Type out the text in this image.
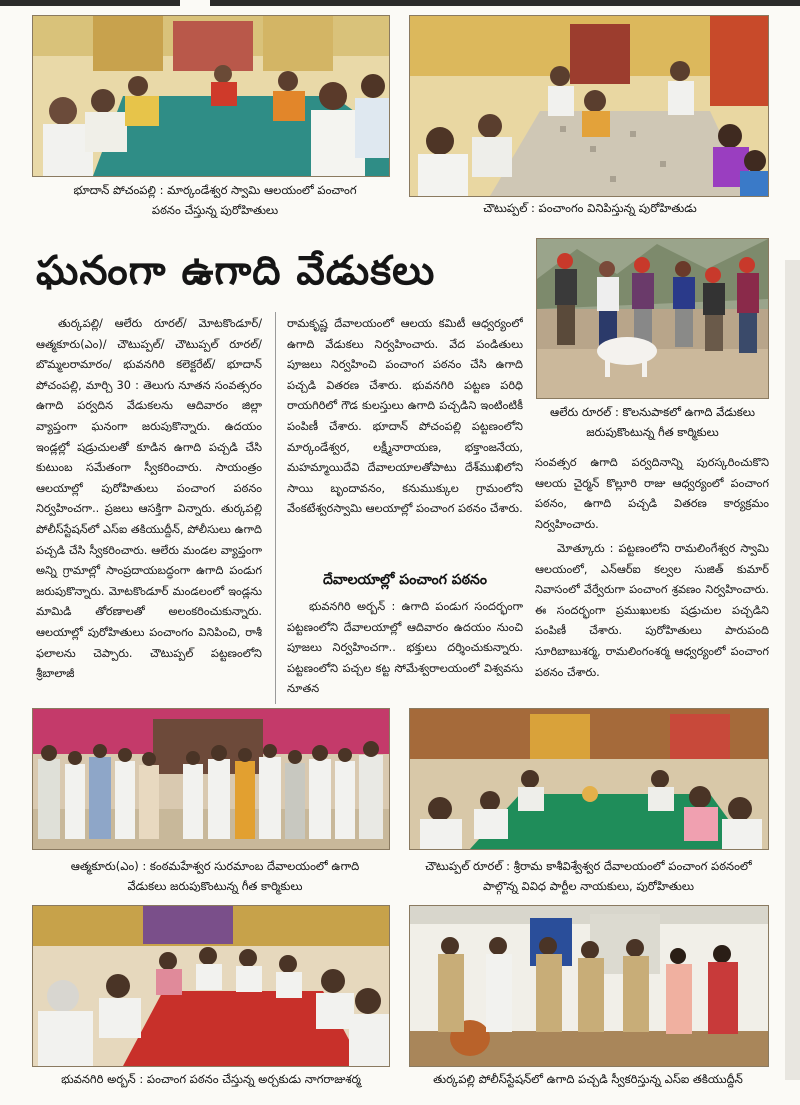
భూదాన్ పోచంపల్లి : మార్కండేశ్వర స్వామి ఆలయంలో పంచాంగ పఠనం చేస్తున్న పురోహితులు	చౌటుప్పల్ : పంచాంగం వినిపిస్తున్న పురోహితుడు
ఘనంగా ఉగాది వేడుకలు
ఆలేరు రూరల్ : కొలనుపాకలో ఉగాది వేడుకలు జరుపుకొంటున్న గీత కార్మికులు

తుర్కపల్లి/ ఆలేరు రూరల్/ మోటకొండూర్/ ఆత్మకూరు(ఎం)/ చౌటుప్పల్/ చౌటుప్పల్ రూరల్/ బొమ్మలరామారం/ భువనగిరి కలెక్టరేట్/ భూదాన్ పోచంపల్లి, మార్చి 30 : తెలుగు నూతన సంవత్సరం ఉగాది పర్వదిన వేడుకలను ఆదివారం జిల్లా వ్యాప్తంగా ఘనంగా జరుపుకొన్నారు. ఉదయం ఇండ్లల్లో షడ్రుచులతో కూడిన ఉగాది పచ్చడి చేసి కుటుంబ సమేతంగా స్వీకరించారు. సాయంత్రం ఆలయాల్లో పురోహితులు పంచాంగ పఠనం నిర్వహించగా.. ప్రజలు ఆసక్తిగా విన్నారు. తుర్కపల్లి పోలీస్‌స్టేషన్‌లో ఎస్ఐ తకియుద్దీన్, పోలీసులు ఉగాది పచ్చడి చేసి స్వీకరించారు. ఆలేరు మండల వ్యాప్తంగా అన్ని గ్రామాల్లో సాంప్రదాయబద్ధంగా ఉగాది పండుగ జరుపుకొన్నారు. మోటకొండూర్ మండలంలో ఇండ్లను మామిడి తోరణాలతో అలంకరించుకున్నారు. ఆలయాల్లో పురోహితులు పంచాంగం వినిపించి, రాశీ ఫలాలను చెప్పారు. చౌటుప్పల్ పట్టణంలోని శ్రీబాలాజీ

రామకృష్ణ దేవాలయంలో ఆలయ కమిటీ ఆధ్వర్యంలో ఉగాది వేడుకలు నిర్వహించారు. వేద పండితులు పూజలు నిర్వహించి పంచాంగ పఠనం చేసి ఉగాది పచ్చడి వితరణ చేశారు. భువనగిరి పట్టణ పరిధి రాయగిరిలో గౌడ కులస్తులు ఉగాది పచ్చడిని ఇంటింటికీ పంపిణీ చేశారు. భూదాన్ పోచంపల్లి పట్టణంలోని మార్కండేశ్వర, లక్ష్మీనారాయణ, భక్తాంజనేయ, మహమ్మాయిదేవి దేవాలయాలతోపాటు దేశ్‌ముఖిలోని సాయి బృందావనం, కనుముక్కుల గ్రామంలోని వేంకటేశ్వరస్వామి ఆలయాల్లో పంచాంగ పఠనం చేశారు.

దేవాలయాల్లో పంచాంగ పఠనం

భువనగిరి అర్బన్ : ఉగాది పండుగ సందర్భంగా పట్టణంలోని దేవాలయాల్లో ఆదివారం ఉదయం నుంచి పూజలు నిర్వహించగా.. భక్తులు దర్శించుకున్నారు. పట్టణంలోని పచ్చల కట్ట సోమేశ్వరాలయంలో విశ్వవసు నూతన

సంవత్సర ఉగాది పర్వదినాన్ని పురస్కరించుకొని ఆలయ చైర్మన్ కొల్లూరి రాజు ఆధ్వర్యంలో పంచాంగ పఠనం, ఉగాది పచ్చడి వితరణ కార్యక్రమం నిర్వహించారు.

మోత్కూరు : పట్టణంలోని రామలింగేశ్వర స్వామి ఆలయంలో, ఎన్ఆర్ఐ కల్వల సుజిత్ కుమార్ నివాసంలో వేర్వేరుగా పంచాంగ శ్రవణం నిర్వహించారు. ఈ సందర్భంగా ప్రముఖులకు షడ్రుచుల పచ్చడిని పంపిణీ చేశారు. పురోహితులు పారుపంది సూరిబాబుశర్మ, రామలింగంశర్మ ఆధ్వర్యంలో పంచాంగ పఠనం చేశారు.

ఆత్మకూరు(ఎం) : కంఠమహేశ్వర సురమాంబ దేవాలయంలో ఉగాది వేడుకలు జరుపుకొంటున్న గీత కార్మికులు
చౌటుప్పల్ రూరల్ : శ్రీరామ కాశీవిశ్వేశ్వర దేవాలయంలో పంచాంగ పఠనంలో పాల్గొన్న వివిధ పార్టీల నాయకులు, పురోహితులు
భువనగిరి అర్బన్ : పంచాంగ పఠనం చేస్తున్న అర్చకుడు నాగరాజుశర్మ	తుర్కపల్లి పోలీస్‌స్టేషన్‌లో ఉగాది పచ్చడి స్వీకరిస్తున్న ఎస్ఐ తకియుద్దీన్
